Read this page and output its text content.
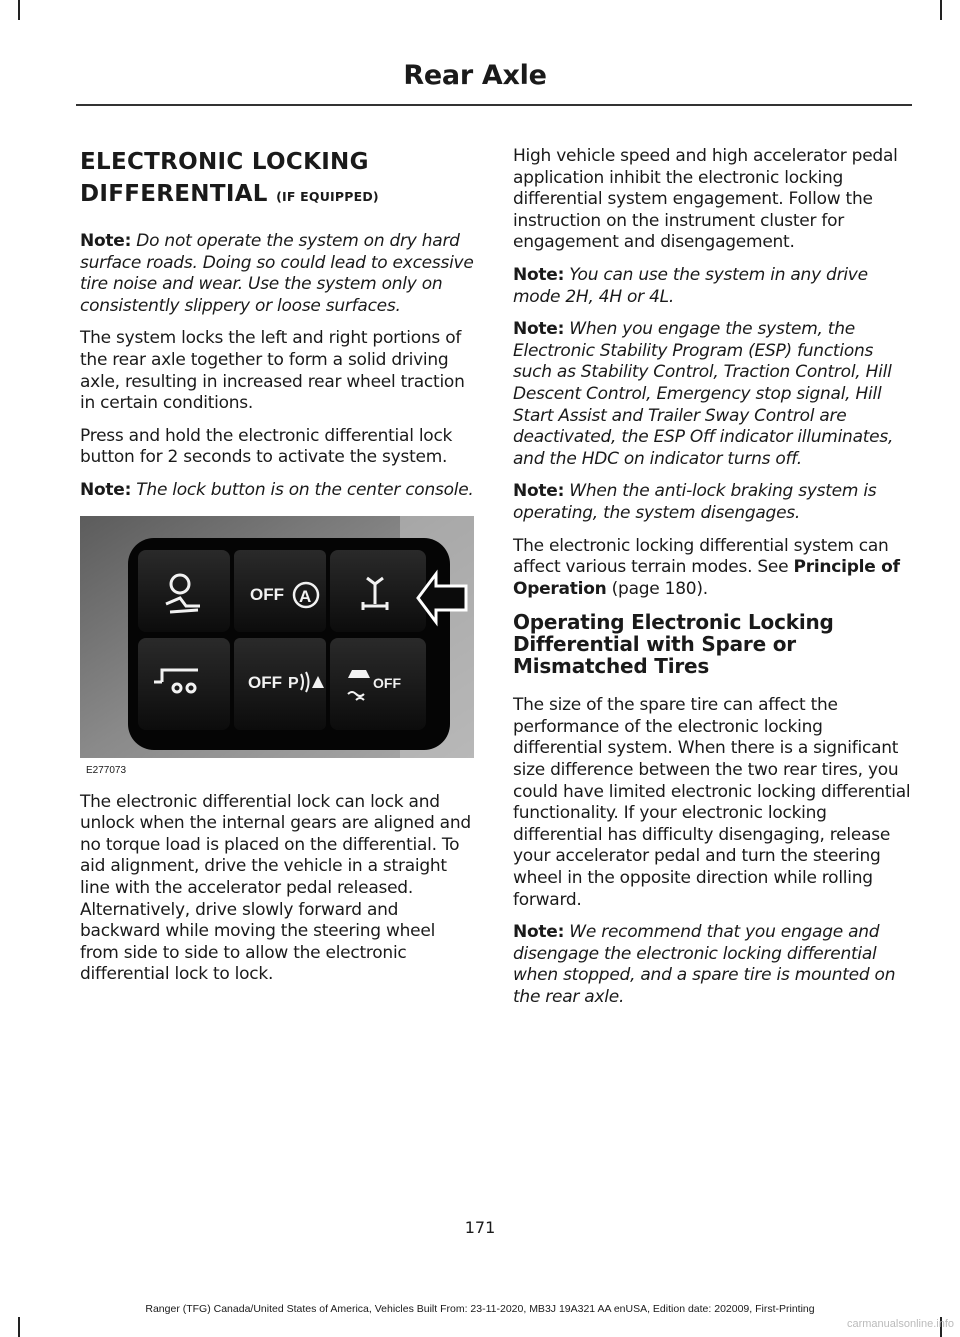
Rear Axle
ELECTRONIC LOCKING DIFFERENTIAL (IF EQUIPPED)

Note: Do not operate the system on dry hard surface roads. Doing so could lead to excessive tire noise and wear. Use the system only on consistently slippery or loose surfaces.

The system locks the left and right portions of the rear axle together to form a solid driving axle, resulting in increased rear wheel traction in certain conditions.

Press and hold the electronic differential lock button for 2 seconds to activate the system.

Note: The lock button is on the center console.

OFF A
OFF P	OFF
E277073

The electronic differential lock can lock and unlock when the internal gears are aligned and no torque load is placed on the differential. To aid alignment, drive the vehicle in a straight line with the accelerator pedal released. Alternatively, drive slowly forward and backward while moving the steering wheel from side to side to allow the electronic differential lock to lock.

High vehicle speed and high accelerator pedal application inhibit the electronic locking differential system engagement. Follow the instruction on the instrument cluster for engagement and disengagement.

Note: You can use the system in any drive mode 2H, 4H or 4L.

Note: When you engage the system, the Electronic Stability Program (ESP) functions such as Stability Control, Traction Control, Hill Descent Control, Emergency stop signal, Hill Start Assist and Trailer Sway Control are deactivated, the ESP Off indicator illuminates, and the HDC on indicator turns off.

Note: When the anti-lock braking system is operating, the system disengages.

The electronic locking differential system can affect various terrain modes. See Principle of Operation (page 180).

Operating Electronic Locking Differential with Spare or Mismatched Tires

The size of the spare tire can affect the performance of the electronic locking differential system. When there is a significant size difference between the two rear tires, you could have limited electronic locking differential functionality. If your electronic locking differential has difficulty disengaging, release your accelerator pedal and turn the steering wheel in the opposite direction while rolling forward.

Note: We recommend that you engage and disengage the electronic locking differential when stopped, and a spare tire is mounted on the rear axle.

171
Ranger (TFG) Canada/United States of America, Vehicles Built From: 23-11-2020, MB3J 19A321 AA enUSA, Edition date: 202009, First-Printing
carmanualsonline.info
